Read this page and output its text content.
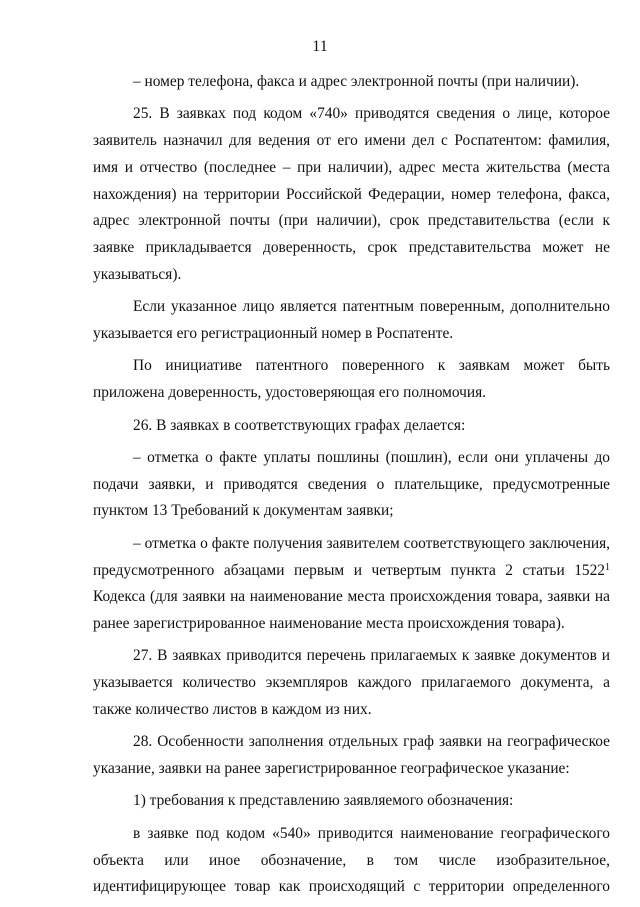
11

– номер телефона, факса и адрес электронной почты (при наличии).

25. В заявках под кодом «740» приводятся сведения о лице, которое заявитель назначил для ведения от его имени дел с Роспатентом: фамилия, имя и отчество (последнее – при наличии), адрес места жительства (места нахождения) на территории Российской Федерации, номер телефона, факса, адрес электронной почты (при наличии), срок представительства (если к заявке прикладывается доверенность, срок представительства может не указываться).

Если указанное лицо является патентным поверенным, дополнительно указывается его регистрационный номер в Роспатенте.

По инициативе патентного поверенного к заявкам может быть приложена доверенность, удостоверяющая его полномочия.

26. В заявках в соответствующих графах делается:

– отметка о факте уплаты пошлины (пошлин), если они уплачены до подачи заявки, и приводятся сведения о плательщике, предусмотренные пунктом 13 Требований к документам заявки;

– отметка о факте получения заявителем соответствующего заключения, предусмотренного абзацами первым и четвертым пункта 2 статьи 1522$^1$ Кодекса (для заявки на наименование места происхождения товара, заявки на ранее зарегистрированное наименование места происхождения товара).

27. В заявках приводится перечень прилагаемых к заявке документов и указывается количество экземпляров каждого прилагаемого документа, а также количество листов в каждом из них.

28. Особенности заполнения отдельных граф заявки на географическое указание, заявки на ранее зарегистрированное географическое указание:

1) требования к представлению заявляемого обозначения:

в заявке под кодом «540» приводится наименование географического объекта или иное обозначение, в том числе изобразительное, идентифицирующее товар как происходящий с территории определенного
